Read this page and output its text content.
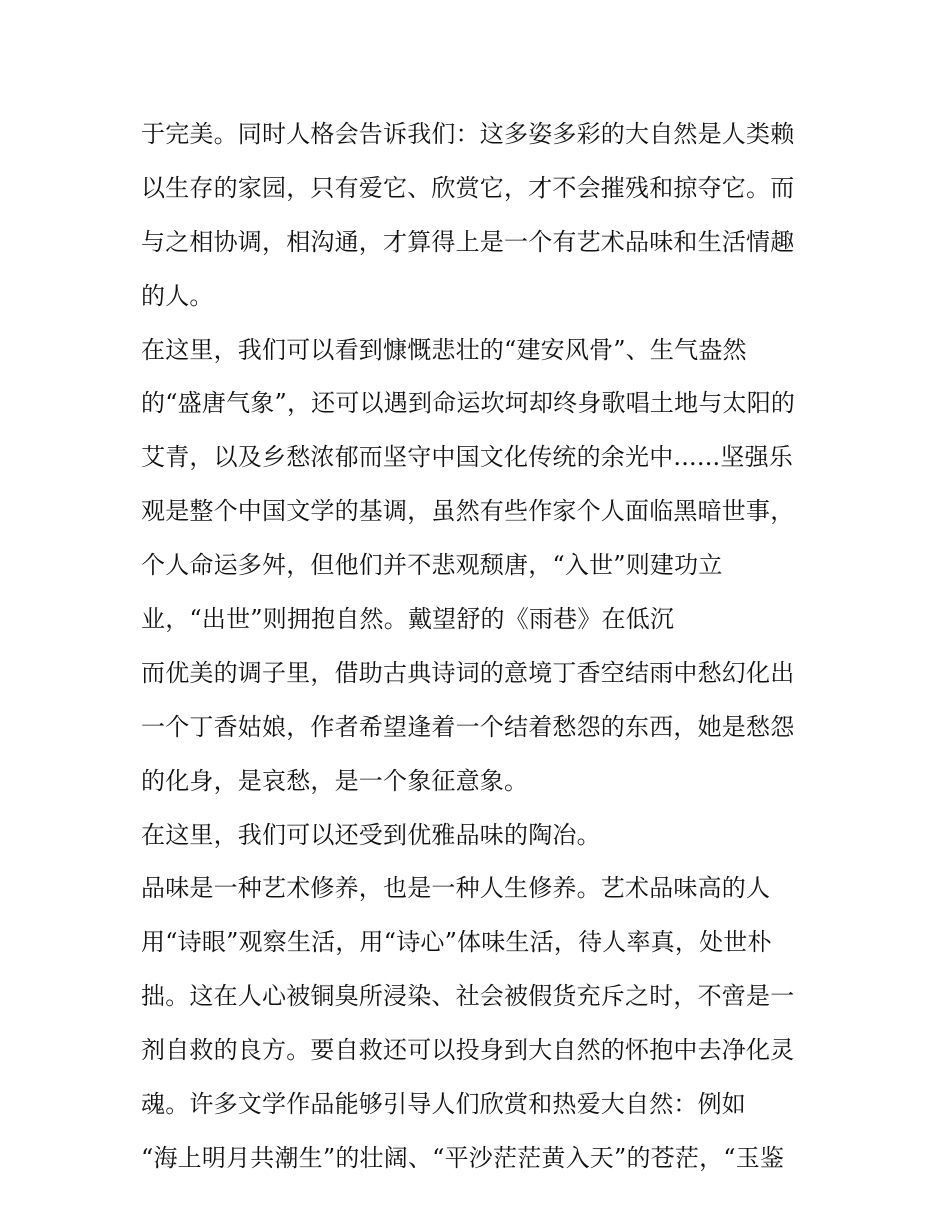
于完美。同时人格会告诉我们：这多姿多彩的大自然是人类赖
以生存的家园，只有爱它、欣赏它，才不会摧残和掠夺它。而
与之相协调，相沟通，才算得上是一个有艺术品味和生活情趣
的人。
在这里，我们可以看到慷慨悲壮的“建安风骨”、生气盎然
的“盛唐气象”，还可以遇到命运坎坷却终身歌唱土地与太阳的
艾青，以及乡愁浓郁而坚守中国文化传统的余光中......坚强乐
观是整个中国文学的基调，虽然有些作家个人面临黑暗世事，
个人命运多舛，但他们并不悲观颓唐，“入世”则建功立
业，“出世”则拥抱自然。戴望舒的《雨巷》在低沉
而优美的调子里，借助古典诗词的意境丁香空结雨中愁幻化出
一个丁香姑娘，作者希望逢着一个结着愁怨的东西，她是愁怨
的化身，是哀愁，是一个象征意象。
在这里，我们可以还受到优雅品味的陶冶。
品味是一种艺术修养，也是一种人生修养。艺术品味高的人
用“诗眼”观察生活，用“诗心”体味生活，待人率真，处世朴
拙。这在人心被铜臭所浸染、社会被假货充斥之时，不啻是一
剂自救的良方。要自救还可以投身到大自然的怀抱中去净化灵
魂。许多文学作品能够引导人们欣赏和热爱大自然：例如
“海上明月共潮生”的壮阔、“平沙茫茫黄入天”的苍茫，“玉鉴
